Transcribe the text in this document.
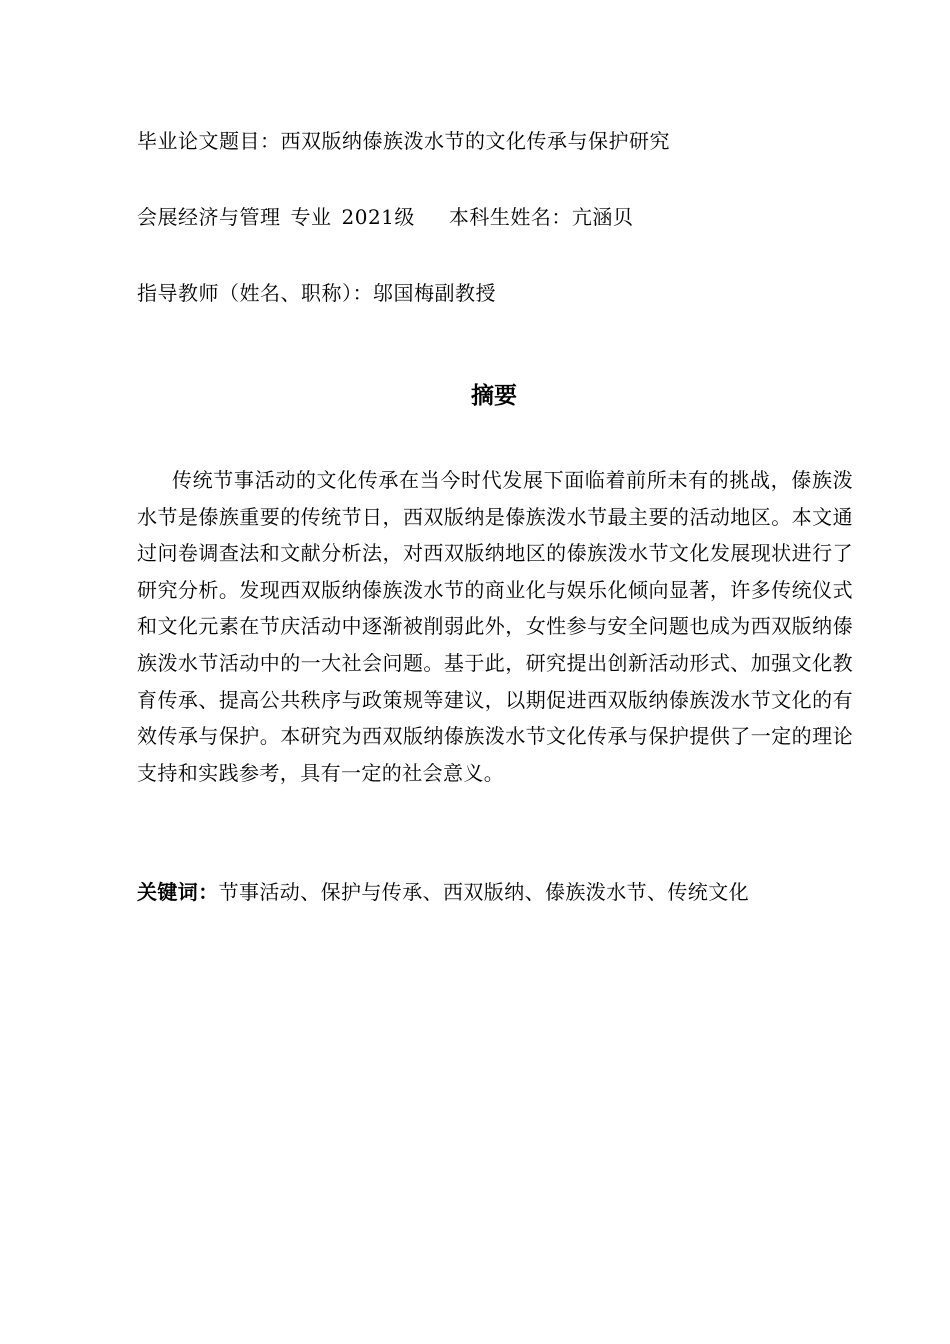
毕业论文题目：西双版纳傣族泼水节的文化传承与保护研究
会展经济与管理 专业 2021级 本科生姓名：亢涵贝
指导教师（姓名、职称）：邬国梅副教授
摘要

传统节事活动的文化传承在当今时代发展下面临着前所未有的挑战，傣族泼水节是傣族重要的传统节日，西双版纳是傣族泼水节最主要的活动地区。本文通过问卷调查法和文献分析法，对西双版纳地区的傣族泼水节文化发展现状进行了研究分析。发现西双版纳傣族泼水节的商业化与娱乐化倾向显著，许多传统仪式和文化元素在节庆活动中逐渐被削弱此外，女性参与安全问题也成为西双版纳傣族泼水节活动中的一大社会问题。基于此，研究提出创新活动形式、加强文化教育传承、提高公共秩序与政策规等建议，以期促进西双版纳傣族泼水节文化的有效传承与保护。本研究为西双版纳傣族泼水节文化传承与保护提供了一定的理论支持和实践参考，具有一定的社会意义。

关键词：节事活动、保护与传承、西双版纳、傣族泼水节、传统文化
